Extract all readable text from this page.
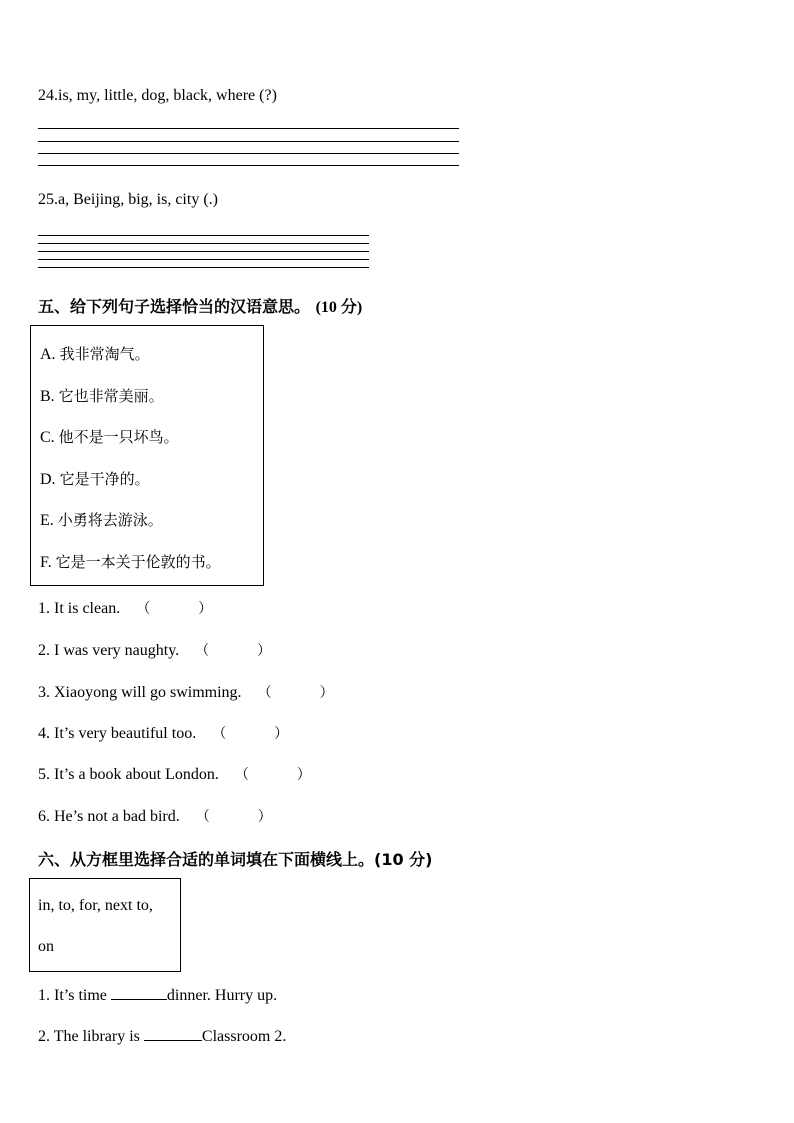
24.is, my, little, dog, black, where (?)
25.a, Beijing, big, is, city (.)
五、给下列句子选择恰当的汉语意思。 (10 分)
A. 我非常淘气。
B. 它也非常美丽。
C. 他不是一只坏鸟。
D. 它是干净的。
E. 小勇将去游泳。
F. 它是一本关于伦敦的书。
1. It is clean. （	）
2. I was very naughty. （	）
3. Xiaoyong will go swimming. （	）
4. It’s very beautiful too. （	）
5. It’s a book about London. （	）
6. He’s not a bad bird. （	）
六、从方框里选择合适的单词填在下面横线上。(10 分)
in, to, for, next to,
on
1. It’s time	dinner. Hurry up.
2. The library is	Classroom 2.
